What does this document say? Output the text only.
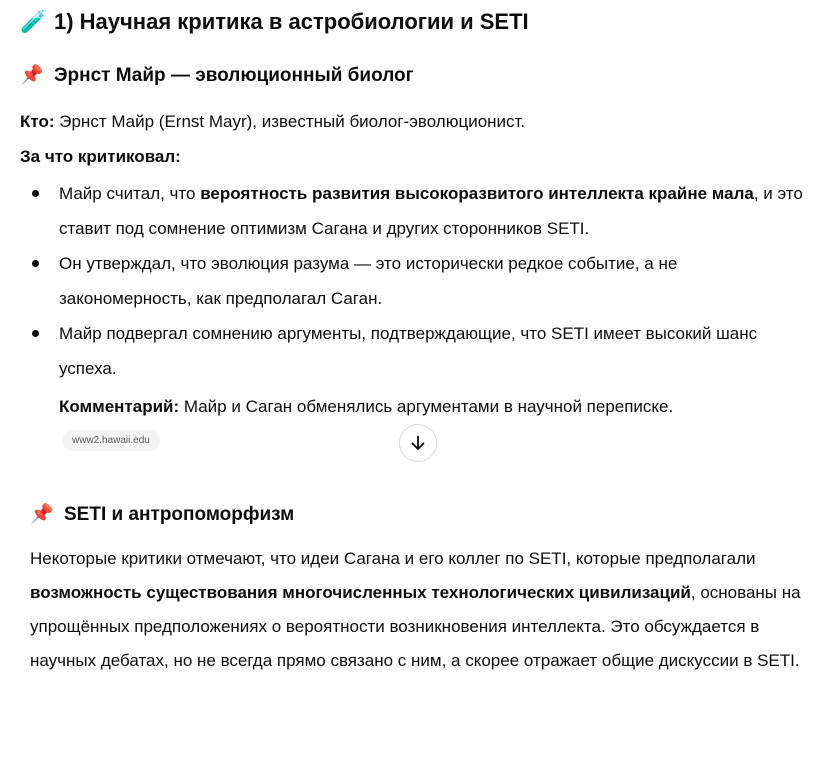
🧪 1) Научная критика в астробиологии и SETI
📌 Эрнст Майр — эволюционный биолог
Кто: Эрнст Майр (Ernst Mayr), известный биолог-эволюционист.
За что критиковал:
Майр считал, что вероятность развития высокоразвитого интеллекта крайне мала, и это ставит под сомнение оптимизм Сагана и других сторонников SETI.
Он утверждал, что эволюция разума — это исторически редкое событие, а не закономерность, как предполагал Саган.
Майр подвергал сомнению аргументы, подтверждающие, что SETI имеет высокий шанс успеха.
Комментарий: Майр и Саган обменялись аргументами в научной переписке.
www2.hawaii.edu
📌 SETI и антропоморфизм
Некоторые критики отмечают, что идеи Сагана и его коллег по SETI, которые предполагали возможность существования многочисленных технологических цивилизаций, основаны на упрощённых предположениях о вероятности возникновения интеллекта. Это обсуждается в научных дебатах, но не всегда прямо связано с ним, а скорее отражает общие дискуссии в SETI.
